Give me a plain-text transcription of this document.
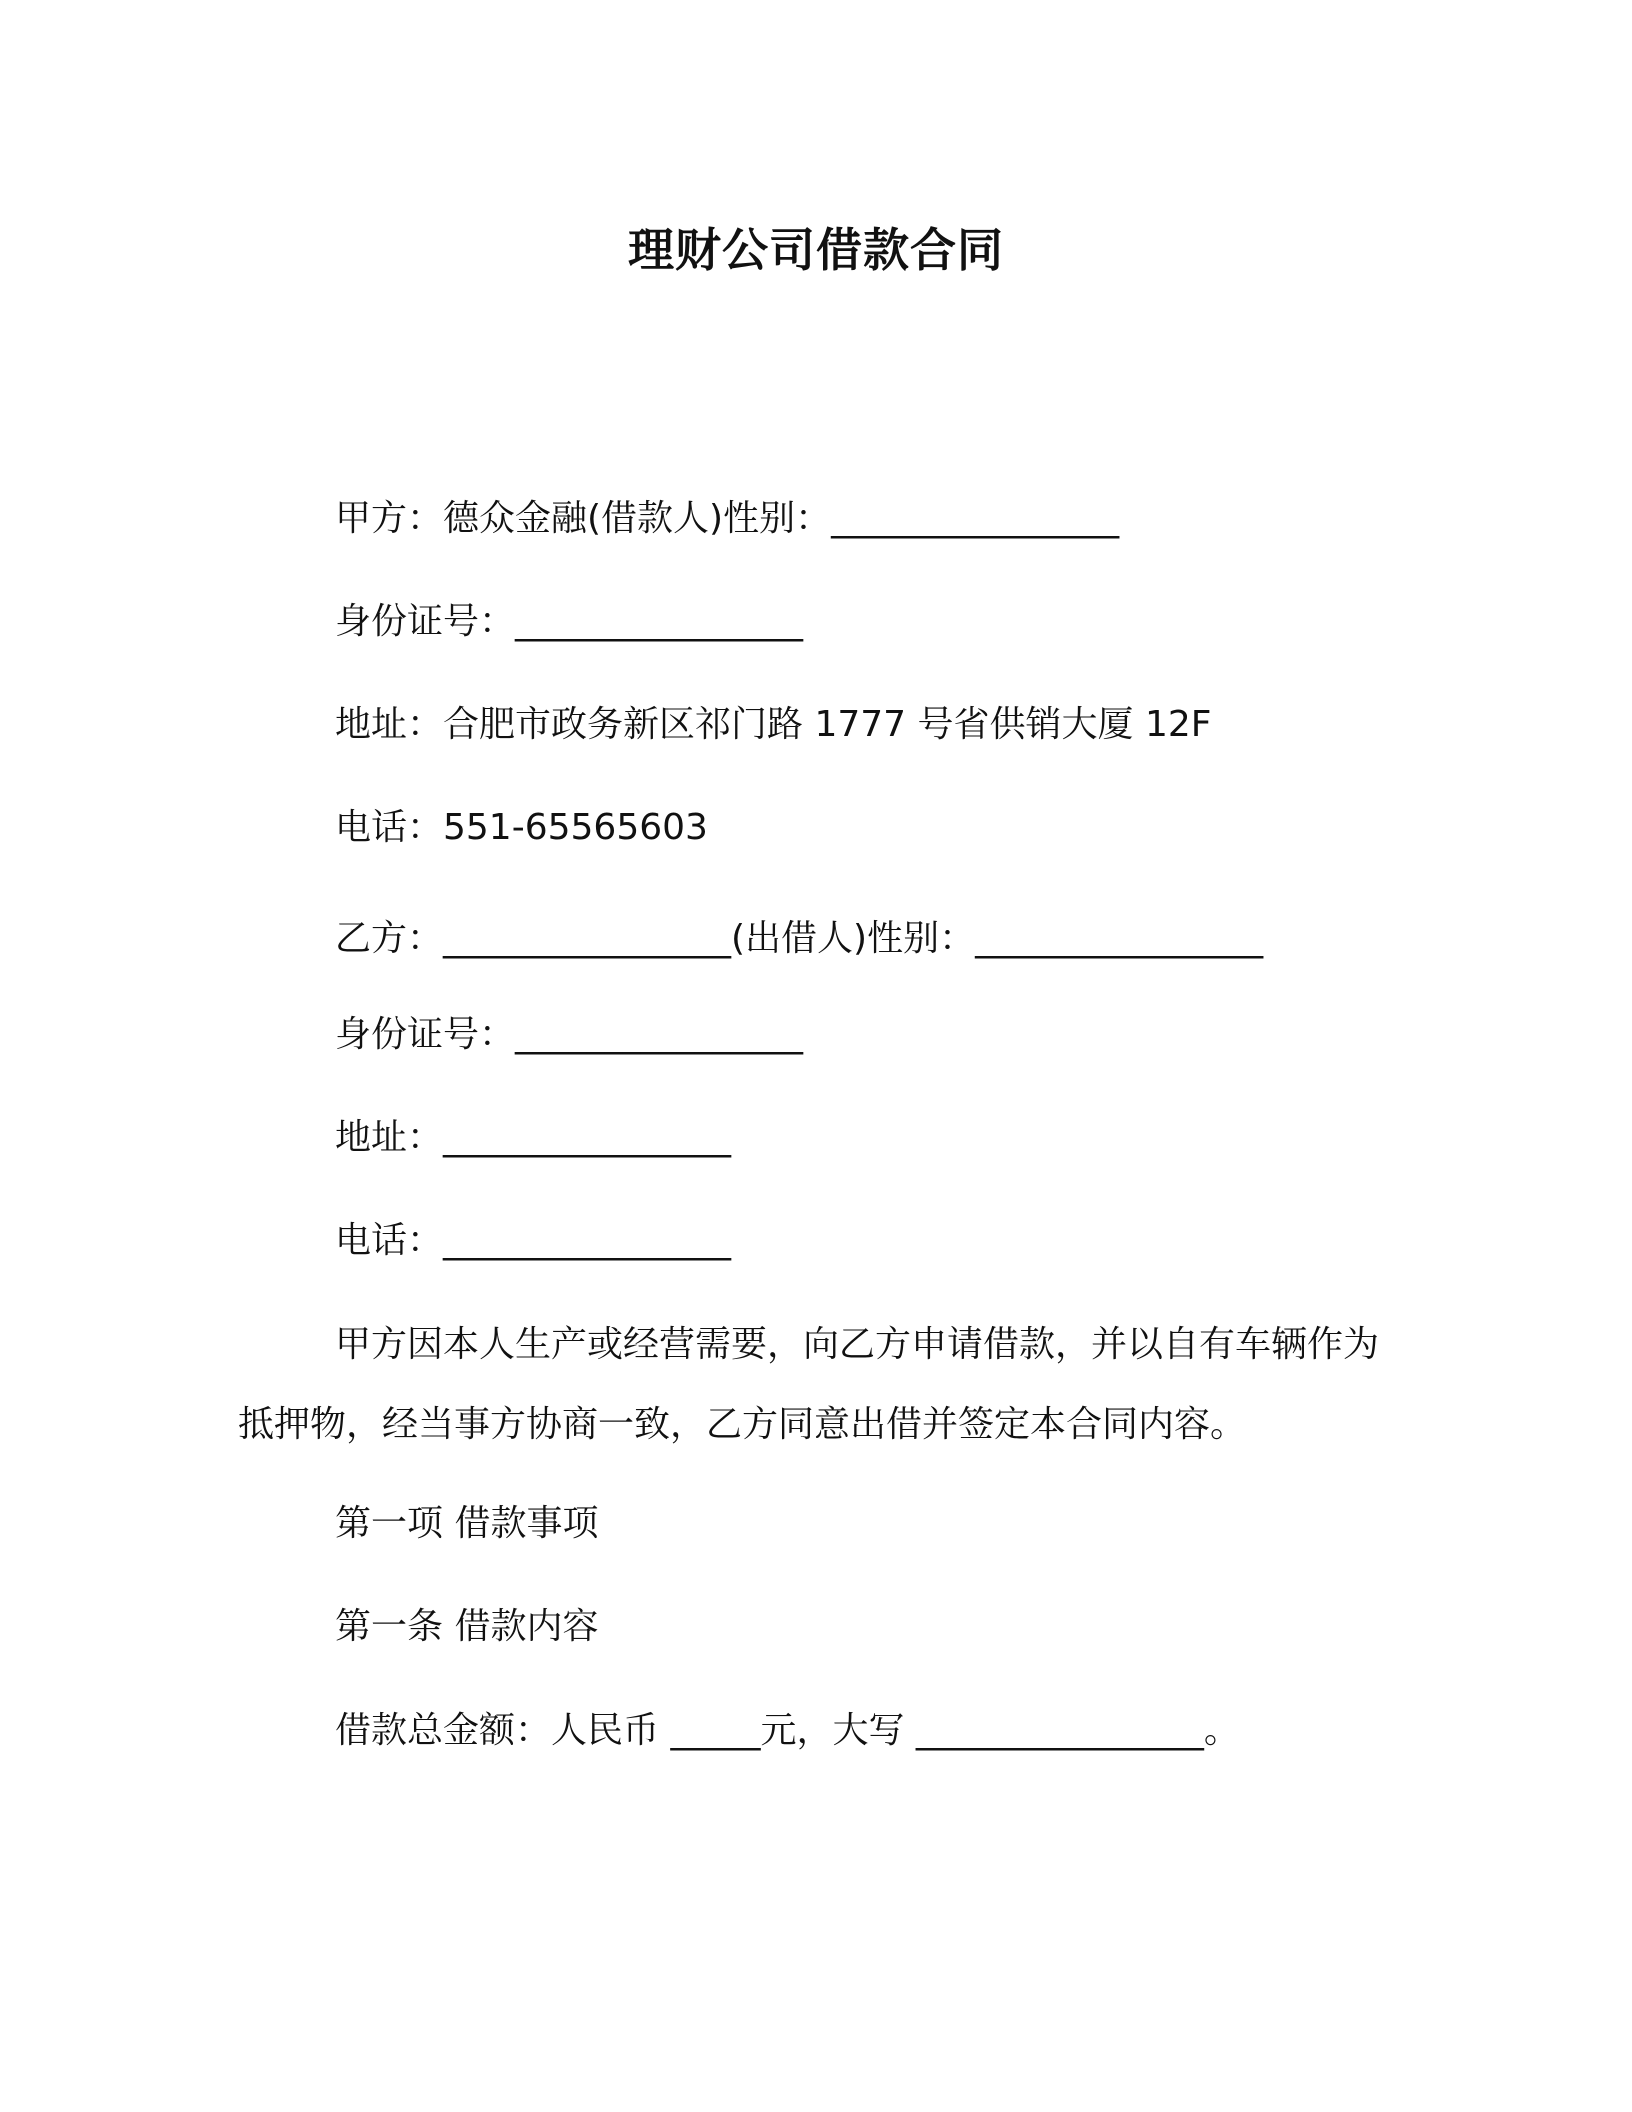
理财公司借款合同
甲方：德众金融(借款人)性别：________________
身份证号：________________
地址：合肥市政务新区祁门路 1777 号省供销大厦 12F
电话：551-65565603
乙方：________________(出借人)性别：________________
身份证号：________________
地址：________________
电话：________________
甲方因本人生产或经营需要，向乙方申请借款，并以自有车辆作为抵押物，经当事方协商一致，乙方同意出借并签定本合同内容。
第一项 借款事项
第一条 借款内容
借款总金额：人民币 _____元，大写 ________________。
